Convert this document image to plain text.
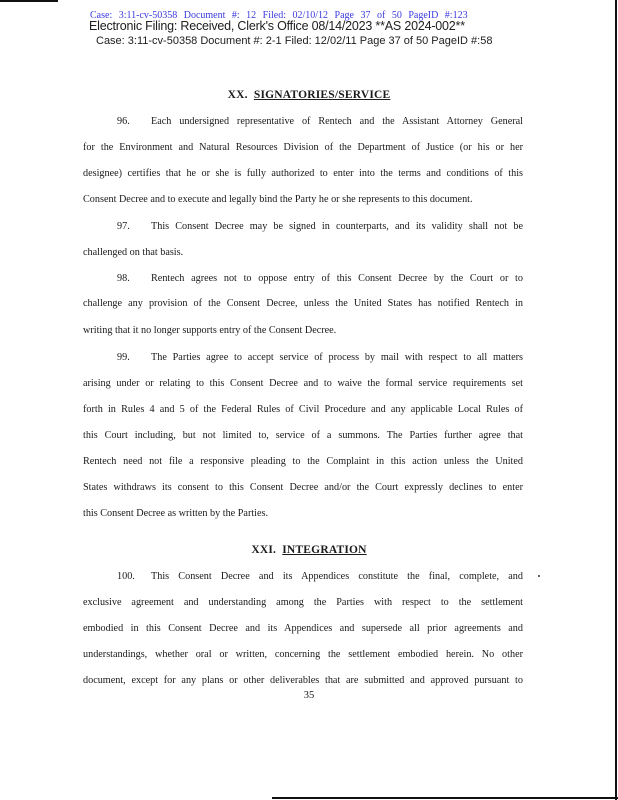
Case: 3:11-cv-50358 Document #: 12 Filed: 02/10/12 Page 37 of 50 PageID #:123
Electronic Filing: Received, Clerk's Office 08/14/2023 **AS 2024-002**
Case: 3:11-cv-50358 Document #: 2-1 Filed: 12/02/11 Page 37 of 50 PageID #:58
XX. SIGNATORIES/SERVICE
96. Each undersigned representative of Rentech and the Assistant Attorney General
for the Environment and Natural Resources Division of the Department of Justice (or his or her
designee) certifies that he or she is fully authorized to enter into the terms and conditions of this
Consent Decree and to execute and legally bind the Party he or she represents to this document.
97. This Consent Decree may be signed in counterparts, and its validity shall not be
challenged on that basis.
98. Rentech agrees not to oppose entry of this Consent Decree by the Court or to
challenge any provision of the Consent Decree, unless the United States has notified Rentech in
writing that it no longer supports entry of the Consent Decree.
99. The Parties agree to accept service of process by mail with respect to all matters
arising under or relating to this Consent Decree and to waive the formal service requirements set
forth in Rules 4 and 5 of the Federal Rules of Civil Procedure and any applicable Local Rules of
this Court including, but not limited to, service of a summons. The Parties further agree that
Rentech need not file a responsive pleading to the Complaint in this action unless the United
States withdraws its consent to this Consent Decree and/or the Court expressly declines to enter
this Consent Decree as written by the Parties.
XXI. INTEGRATION
100. This Consent Decree and its Appendices constitute the final, complete, and
exclusive agreement and understanding among the Parties with respect to the settlement
embodied in this Consent Decree and its Appendices and supersede all prior agreements and
understandings, whether oral or written, concerning the settlement embodied herein. No other
document, except for any plans or other deliverables that are submitted and approved pursuant to
35
